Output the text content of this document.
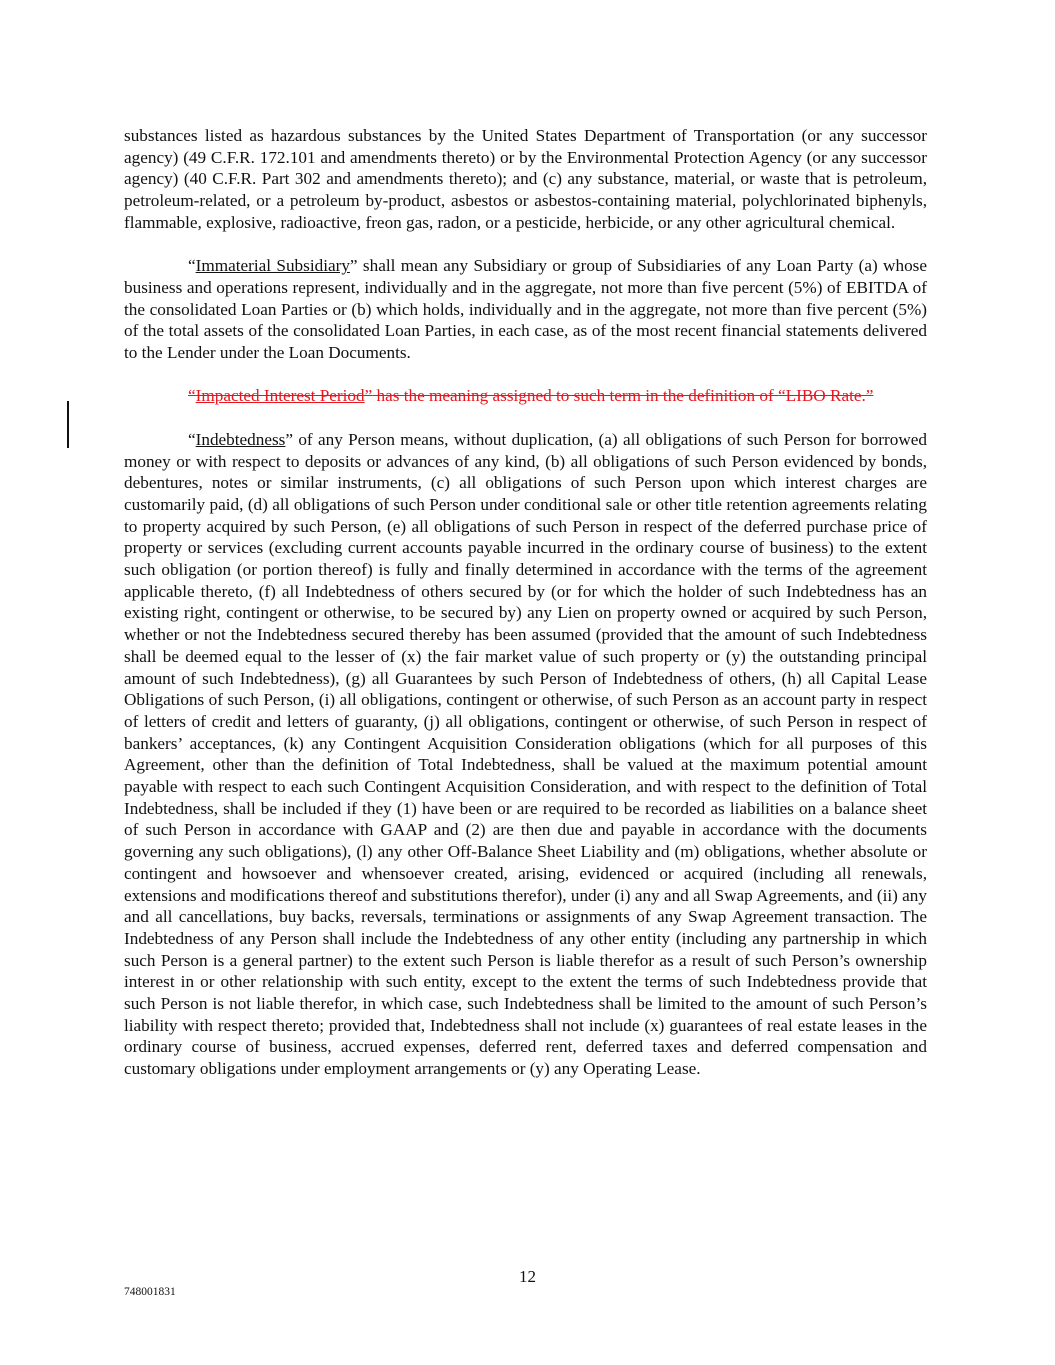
substances listed as hazardous substances by the United States Department of Transportation (or any successor agency) (49 C.F.R. 172.101 and amendments thereto) or by the Environmental Protection Agency (or any successor agency) (40 C.F.R. Part 302 and amendments thereto); and (c) any substance, material, or waste that is petroleum, petroleum-related, or a petroleum by-product, asbestos or asbestos-containing material, polychlorinated biphenyls, flammable, explosive, radioactive, freon gas, radon, or a pesticide, herbicide, or any other agricultural chemical.

“Immaterial Subsidiary” shall mean any Subsidiary or group of Subsidiaries of any Loan Party (a) whose business and operations represent, individually and in the aggregate, not more than five percent (5%) of EBITDA of the consolidated Loan Parties or (b) which holds, individually and in the aggregate, not more than five percent (5%) of the total assets of the consolidated Loan Parties, in each case, as of the most recent financial statements delivered to the Lender under the Loan Documents.

“Impacted Interest Period” has the meaning assigned to such term in the definition of “LIBO Rate.”

“Indebtedness” of any Person means, without duplication, (a) all obligations of such Person for borrowed money or with respect to deposits or advances of any kind, (b) all obligations of such Person evidenced by bonds, debentures, notes or similar instruments, (c) all obligations of such Person upon which interest charges are customarily paid, (d) all obligations of such Person under conditional sale or other title retention agreements relating to property acquired by such Person, (e) all obligations of such Person in respect of the deferred purchase price of property or services (excluding current accounts payable incurred in the ordinary course of business) to the extent such obligation (or portion thereof) is fully and finally determined in accordance with the terms of the agreement applicable thereto, (f) all Indebtedness of others secured by (or for which the holder of such Indebtedness has an existing right, contingent or otherwise, to be secured by) any Lien on property owned or acquired by such Person, whether or not the Indebtedness secured thereby has been assumed (provided that the amount of such Indebtedness shall be deemed equal to the lesser of (x) the fair market value of such property or (y) the outstanding principal amount of such Indebtedness), (g) all Guarantees by such Person of Indebtedness of others, (h) all Capital Lease Obligations of such Person, (i) all obligations, contingent or otherwise, of such Person as an account party in respect of letters of credit and letters of guaranty, (j) all obligations, contingent or otherwise, of such Person in respect of bankers’ acceptances, (k) any Contingent Acquisition Consideration obligations (which for all purposes of this Agreement, other than the definition of Total Indebtedness, shall be valued at the maximum potential amount payable with respect to each such Contingent Acquisition Consideration, and with respect to the definition of Total Indebtedness, shall be included if they (1) have been or are required to be recorded as liabilities on a balance sheet of such Person in accordance with GAAP and (2) are then due and payable in accordance with the documents governing any such obligations), (l) any other Off-Balance Sheet Liability and (m) obligations, whether absolute or contingent and howsoever and whensoever created, arising, evidenced or acquired (including all renewals, extensions and modifications thereof and substitutions therefor), under (i) any and all Swap Agreements, and (ii) any and all cancellations, buy backs, reversals, terminations or assignments of any Swap Agreement transaction. The Indebtedness of any Person shall include the Indebtedness of any other entity (including any partnership in which such Person is a general partner) to the extent such Person is liable therefor as a result of such Person’s ownership interest in or other relationship with such entity, except to the extent the terms of such Indebtedness provide that such Person is not liable therefor, in which case, such Indebtedness shall be limited to the amount of such Person’s liability with respect thereto; provided that, Indebtedness shall not include (x) guarantees of real estate leases in the ordinary course of business, accrued expenses, deferred rent, deferred taxes and deferred compensation and customary obligations under employment arrangements or (y) any Operating Lease.

12
748001831
